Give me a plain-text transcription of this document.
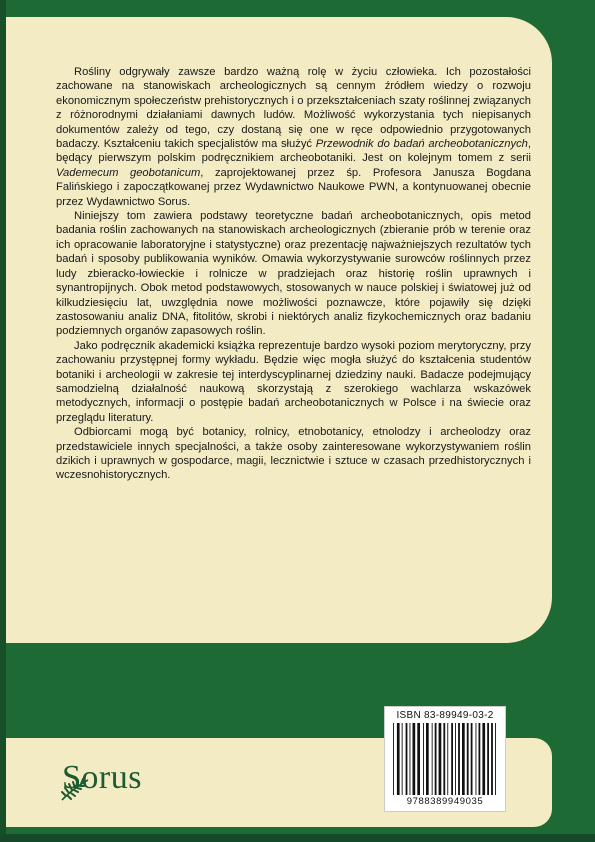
Rośliny odgrywały zawsze bardzo ważną rolę w życiu człowieka. Ich pozostałości zachowane na stanowiskach archeologicznych są cennym źródłem wiedzy o rozwoju ekonomicznym społeczeństw prehistorycznych i o przekształceniach szaty roślinnej związanych z różnorodnymi działaniami dawnych ludów. Możliwość wykorzystania tych niepisanych dokumentów zależy od tego, czy dostaną się one w ręce odpowiednio przygotowanych badaczy. Kształceniu takich specjalistów ma służyć Przewodnik do badań archeobotanicznych, będący pierwszym polskim podręcznikiem archeobotaniki. Jest on kolejnym tomem z serii Vademecum geobotanicum, zaprojektowanej przez śp. Profesora Janusza Bogdana Falińskiego i zapoczątkowanej przez Wydawnictwo Naukowe PWN, a kontynuowanej obecnie przez Wydawnictwo Sorus.

Niniejszy tom zawiera podstawy teoretyczne badań archeobotanicznych, opis metod badania roślin zachowanych na stanowiskach archeologicznych (zbieranie prób w terenie oraz ich opracowanie laboratoryjne i statystyczne) oraz prezentację najważniejszych rezultatów tych badań i sposoby publikowania wyników. Omawia wykorzystywanie surowców roślinnych przez ludy zbieracko-łowieckie i rolnicze w pradziejach oraz historię roślin uprawnych i synantropijnych. Obok metod podstawowych, stosowanych w nauce polskiej i światowej już od kilkudziesięciu lat, uwzględnia nowe możliwości poznawcze, które pojawiły się dzięki zastosowaniu analiz DNA, fitolitów, skrobi i niektórych analiz fizykochemicznych oraz badaniu podziemnych organów zapasowych roślin.

Jako podręcznik akademicki książka reprezentuje bardzo wysoki poziom merytoryczny, przy zachowaniu przystępnej formy wykładu. Będzie więc mogła służyć do kształcenia studentów botaniki i archeologii w zakresie tej interdyscyplinarnej dziedziny nauki. Badacze podejmujący samodzielną działalność naukową skorzystają z szerokiego wachlarza wskazówek metodycznych, informacji o postępie badań archeobotanicznych w Polsce i na świecie oraz przeglądu literatury.

Odbiorcami mogą być botanicy, rolnicy, etnobotanicy, etnolodzy i archeolodzy oraz przedstawiciele innych specjalności, a także osoby zainteresowane wykorzystywaniem roślin dzikich i uprawnych w gospodarce, magii, lecznictwie i sztuce w czasach przedhistorycznych i wczesnohistorycznych.

Sorus
ISBN 83-89949-03-2
9788389949035
